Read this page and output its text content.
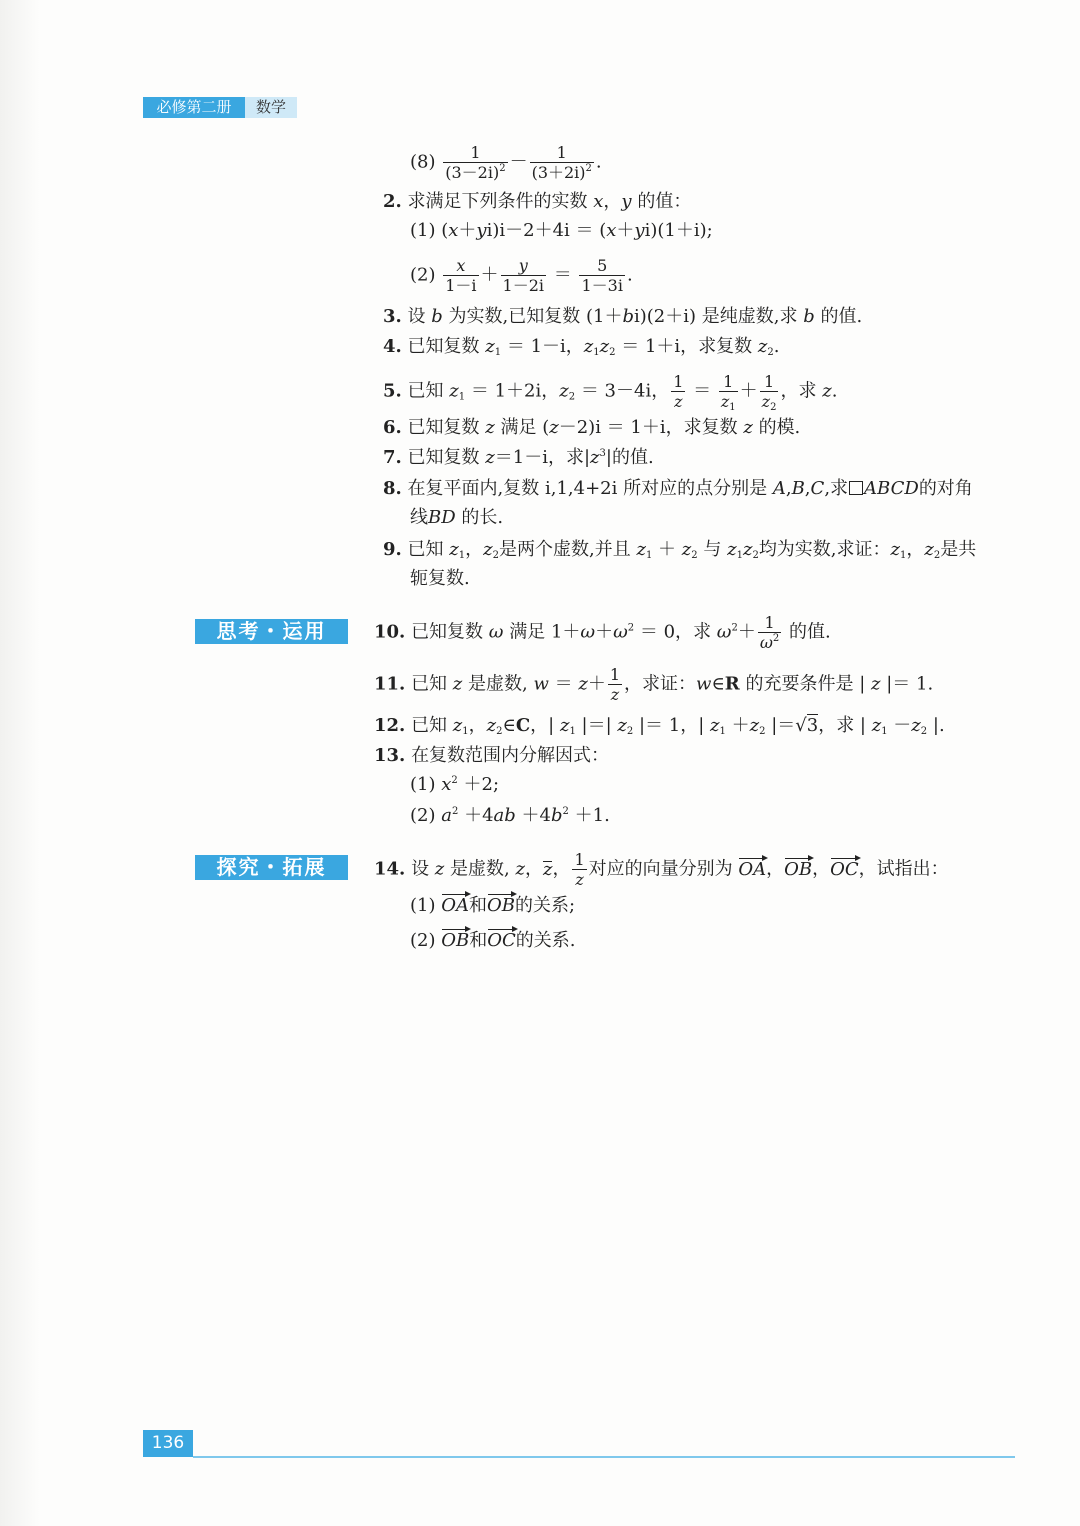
必修第二册	数学
$(8) \frac{1}{(3-2i)^2} - \frac{1}{(3+2i)^2}$ .
2. 求满足下列条件的实数 x，y 的值：
(1) (x＋yi)i－2＋4i ＝ (x＋yi)(1＋i);
$(2) \frac{x}{1-i} + \frac{y}{1-2i} = \frac{5}{1-3i}$ .
3. 设 b 为实数,已知复数 (1＋bi)(2＋i) 是纯虚数,求 b 的值.
4. 已知复数 $z_1 = 1-i$，$z_1z_2 = 1+i$，求复数 $z_2$.
5. 已知 $z_1 = 1+2i$，$z_2 = 3-4i$， $\frac{1}{z} = \frac{1}{z_1} + \frac{1}{z_2}$ ，求 z.
6. 已知复数 z 满足 (z－2)i ＝ 1＋i，求复数 z 的模.
7. 已知复数 z＝1－i，求$|z^3|$的值.
8. 在复平面内,复数 i,1,4+2i 所对应的点分别是 A,B,C,求 ABCD的对角
线BD 的长.
9. 已知 $z_1$，$z_2$是两个虚数,并且 $z_1 + z_2$ 与 $z_1z_2$均为实数,求证：$z_1$，$z_2$是共
轭复数.
思考・运用	10. 已知复数 ω 满足 $1+\omega+\omega^2 = 0$，求 $\omega^2+ \frac{1}{\omega^2}$ 的值.
11. 已知 z 是虚数, $w = z+ \frac{1}{z}$ ，求证：w∈R 的充要条件是 | z |＝ 1.
12. 已知 $z_1$，$z_2\in C$，| $z_1$ |＝| $z_2$ |＝ 1，| $z_1 +z_2$ |＝√3，求 | $z_1 -z_2$ |.
13. 在复数范围内分解因式：
(1) $x^2 +2$;
(2) $a^2 +4ab +4b^2 +1$.
探究・拓展	14. 设 z 是虚数, z，z， $\frac{1}{z}$ 对应的向量分别为 OA，OB，OC，试指出：
(1) OA和OB的关系;
(2) OB和OC的关系.
136
